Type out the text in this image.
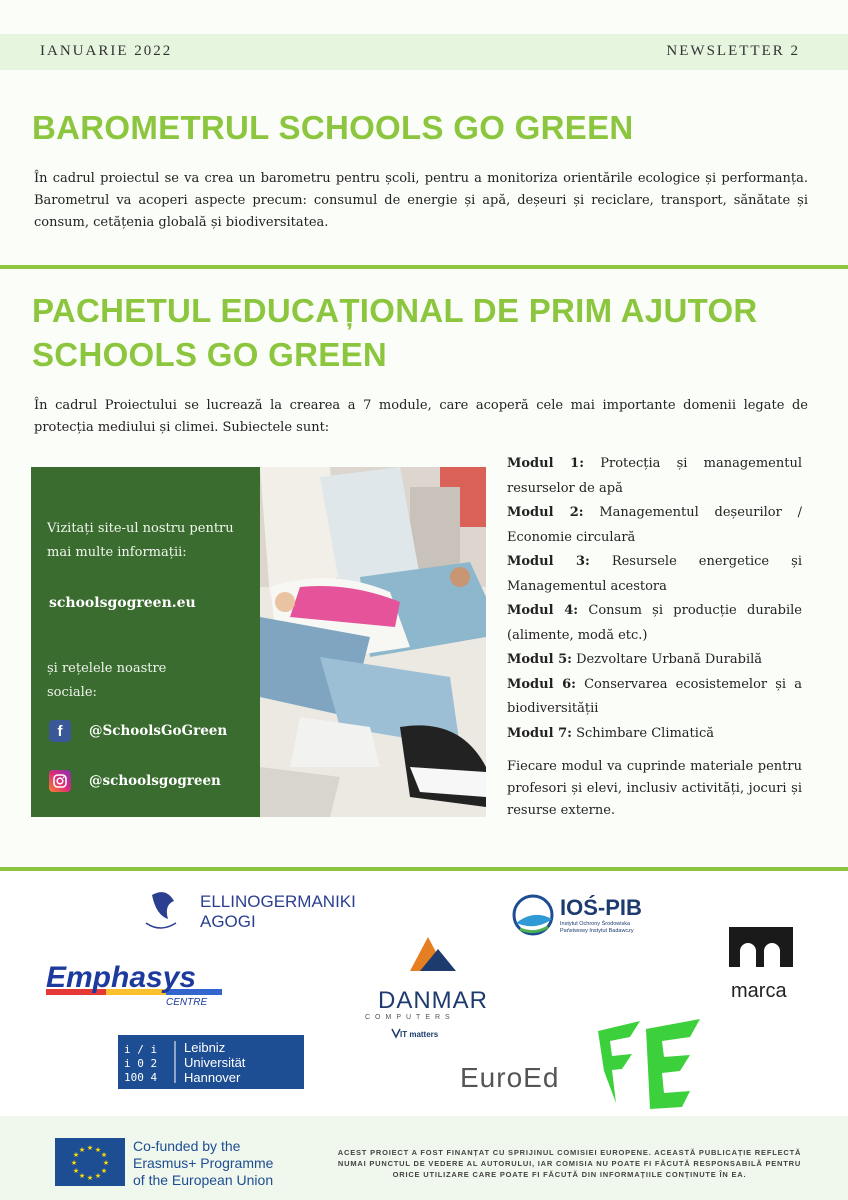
IANUARIE 2022	NEWSLETTER 2
BAROMETRUL SCHOOLS GO GREEN
În cadrul proiectul se va crea un barometru pentru școli, pentru a monitoriza orientările ecologice și performanța. Barometrul va acoperi aspecte precum: consumul de energie și apă, deșeuri și reciclare, transport, sănătate și consum, cetățenia globală și biodiversitatea.
PACHETUL EDUCAȚIONAL DE PRIM AJUTOR
SCHOOLS GO GREEN
În cadrul Proiectului se lucrează la crearea a 7 module, care acoperă cele mai importante domenii legate de protecția mediului și climei. Subiectele sunt:
Vizitați site-ul nostru pentru mai multe informații:
schoolsgogreen.eu
și rețelele noastre sociale:
f	@SchoolsGoGreen
@schoolsgogreen
Modul 1: Protecția și managementul resurselor de apă
Modul 2: Managementul deșeurilor / Economie circulară
Modul 3: Resursele energetice și Managementul acestora
Modul 4: Consum și producție durabile (alimente, modă etc.)
Modul 5: Dezvoltare Urbană Durabilă
Modul 6: Conservarea ecosistemelor și a biodiversității
Modul 7: Schimbare Climatică
Fiecare modul va cuprinde materiale pentru profesori și elevi, inclusiv activități, jocuri și resurse externe.
ELLINOGERMANIKI
AGOGI
IOŚ-PIB
Instytut Ochrony Środowiska
Państwowy Instytut Badawczy
Emphasys
CENTRE	DANMAR
COMPUTERS
IT matters
marca
i / i
i 0 2
100 4
Leibniz
Universität
Hannover	EuroEd
★ ★
★
★
★
★
★
★
★
★
★
★	Co-funded by the
Erasmus+ Programme
of the European Union
ACEST PROIECT A FOST FINANȚAT CU SPRIJINUL COMISIEI EUROPENE. ACEASTĂ PUBLICAȚIE REFLECTĂ NUMAI PUNCTUL DE VEDERE AL AUTORULUI, IAR COMISIA NU POATE FI FĂCUTĂ RESPONSABILĂ PENTRU ORICE UTILIZARE CARE POATE FI FĂCUTĂ DIN INFORMAȚIILE CONȚINUTE ÎN EA.
